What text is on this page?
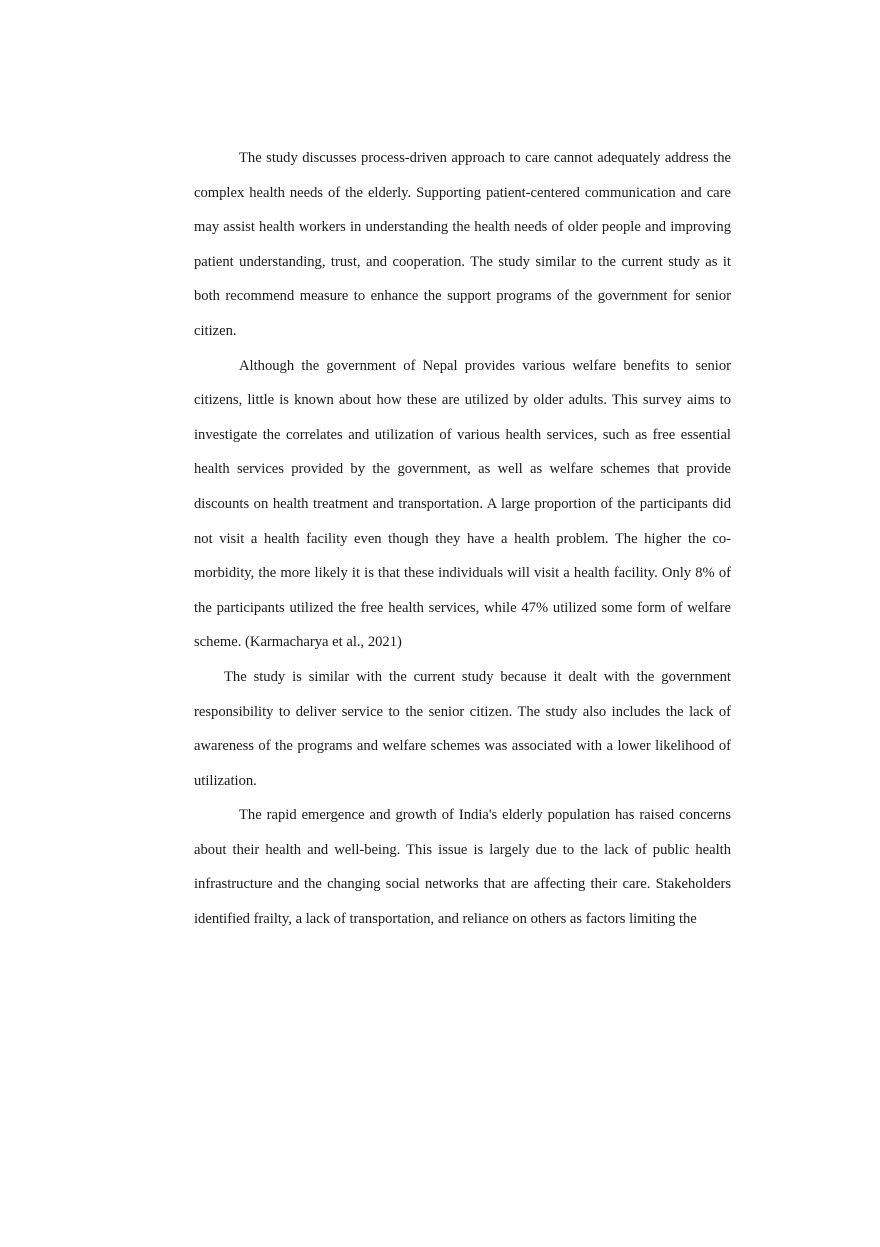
The study discusses process-driven approach to care cannot adequately address the complex health needs of the elderly. Supporting patient-centered communication and care may assist health workers in understanding the health needs of older people and improving patient understanding, trust, and cooperation. The study similar to the current study as it both recommend measure to enhance the support programs of the government for senior citizen.

Although the government of Nepal provides various welfare benefits to senior citizens, little is known about how these are utilized by older adults. This survey aims to investigate the correlates and utilization of various health services, such as free essential health services provided by the government, as well as welfare schemes that provide discounts on health treatment and transportation. A large proportion of the participants did not visit a health facility even though they have a health problem. The higher the co-morbidity, the more likely it is that these individuals will visit a health facility. Only 8% of the participants utilized the free health services, while 47% utilized some form of welfare scheme. (Karmacharya et al., 2021)

The study is similar with the current study because it dealt with the government responsibility to deliver service to the senior citizen. The study also includes the lack of awareness of the programs and welfare schemes was associated with a lower likelihood of utilization.

The rapid emergence and growth of India's elderly population has raised concerns about their health and well-being. This issue is largely due to the lack of public health infrastructure and the changing social networks that are affecting their care. Stakeholders identified frailty, a lack of transportation, and reliance on others as factors limiting the
